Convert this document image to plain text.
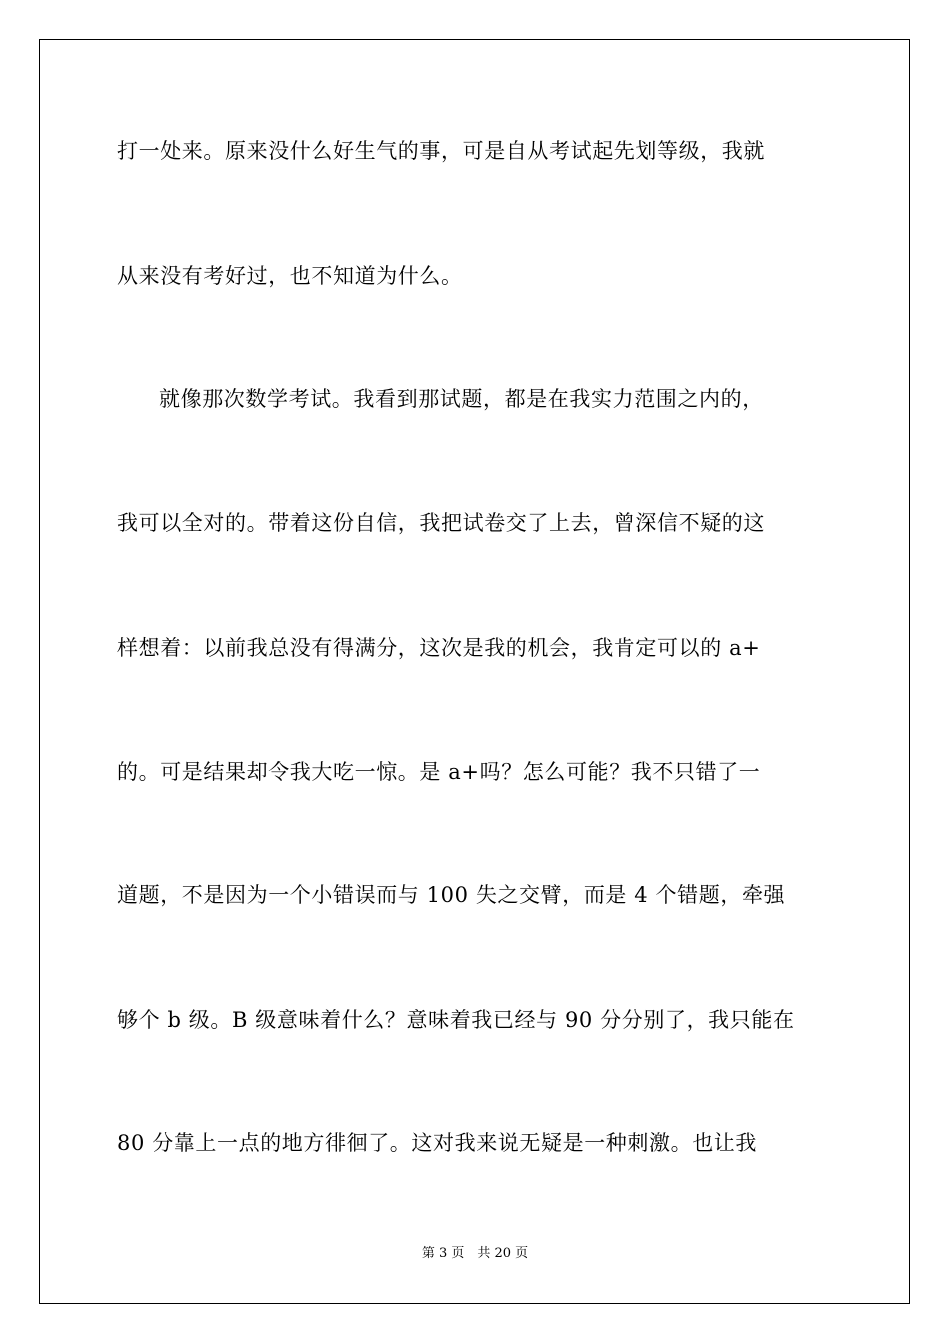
打一处来。原来没什么好生气的事，可是自从考试起先划等级，我就
从来没有考好过，也不知道为什么。
就像那次数学考试。我看到那试题，都是在我实力范围之内的，
我可以全对的。带着这份自信，我把试卷交了上去，曾深信不疑的这
样想着：以前我总没有得满分，这次是我的机会，我肯定可以的 a+
的。可是结果却令我大吃一惊。是 a+吗？怎么可能？我不只错了一
道题，不是因为一个小错误而与 100 失之交臂，而是 4 个错题，牵强
够个 b 级。B 级意味着什么？意味着我已经与 90 分分别了，我只能在
80 分靠上一点的地方徘徊了。这对我来说无疑是一种刺激。也让我
第 3 页　共 20 页
